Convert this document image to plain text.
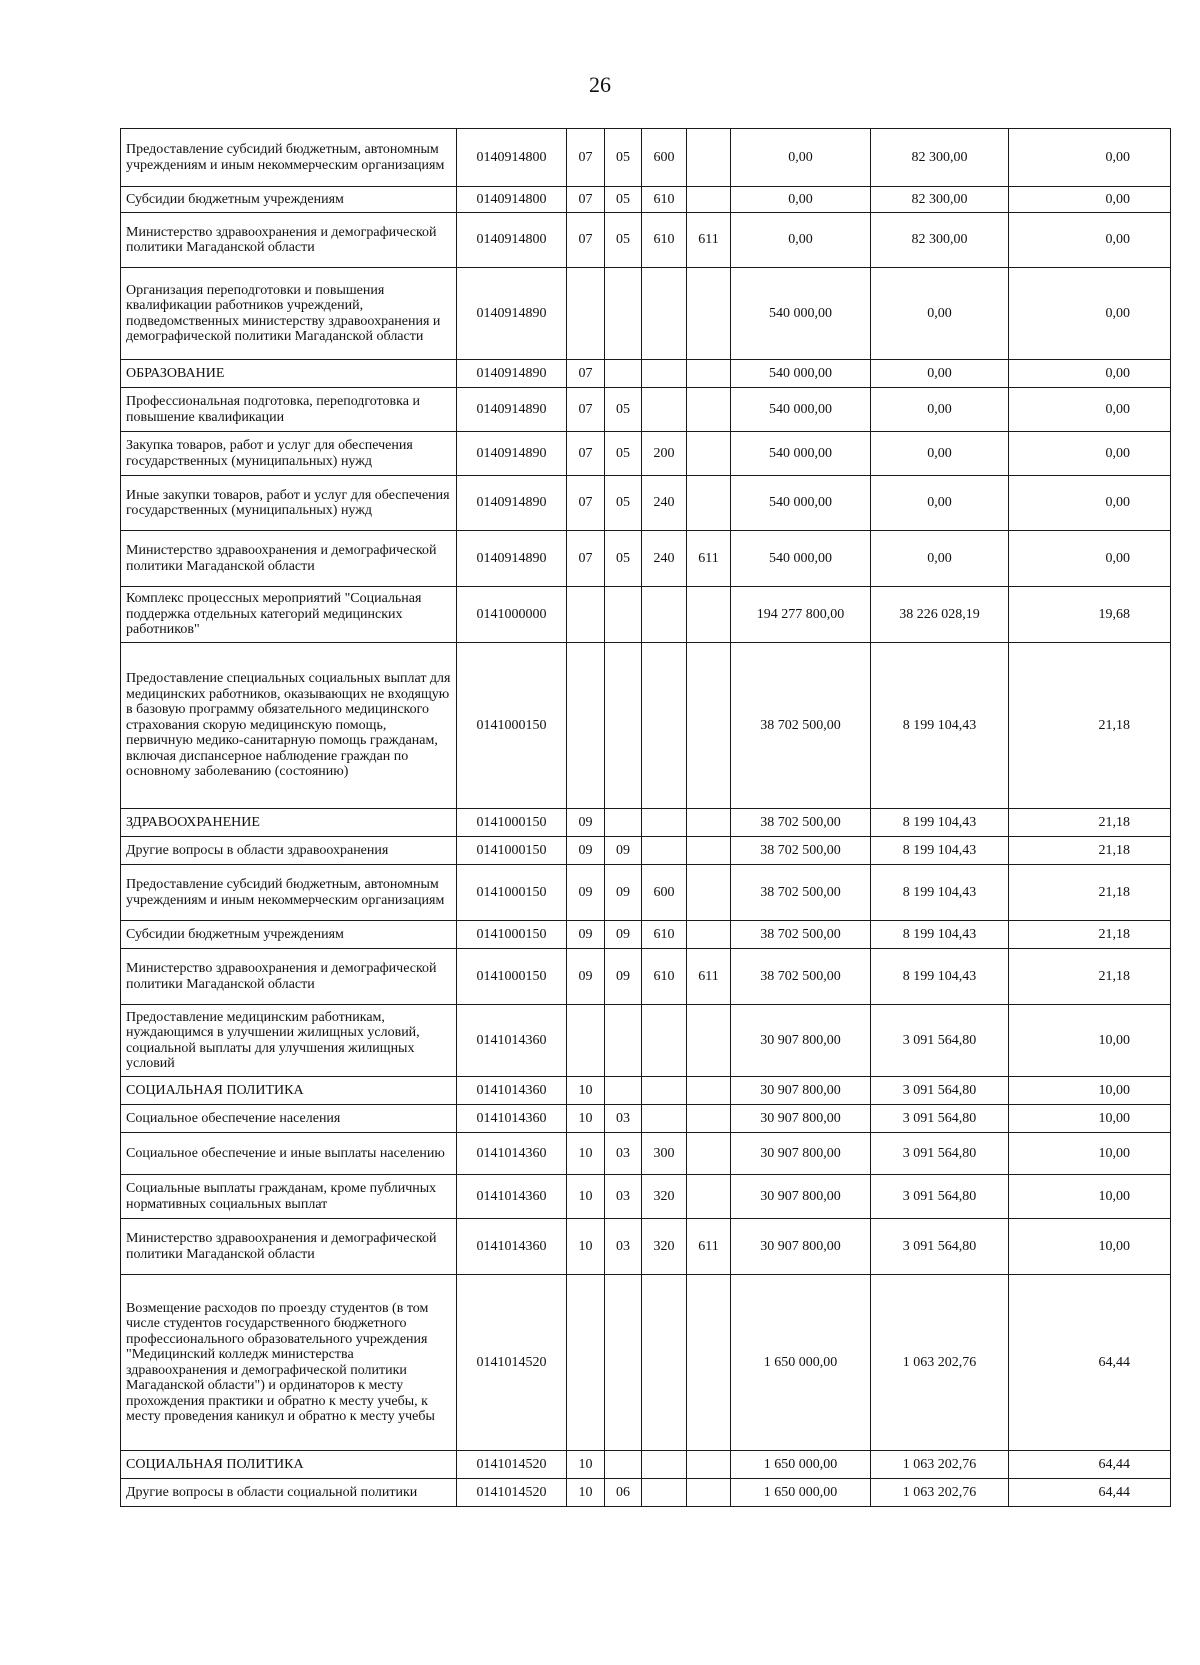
26
Предоставление субсидий бюджетным, автономным учреждениям и иным некоммерческим организациям	0140914800	07	05	600		0,00	82 300,00	0,00
Субсидии бюджетным учреждениям	0140914800	07	05	610		0,00	82 300,00	0,00
Министерство здравоохранения и демографической политики Магаданской области	0140914800	07	05	610	611	0,00	82 300,00	0,00
Организация переподготовки и повышения квалификации работников учреждений, подведомственных министерству здравоохранения и демографической политики Магаданской области	0140914890					540 000,00	0,00	0,00
ОБРАЗОВАНИЕ	0140914890	07				540 000,00	0,00	0,00
Профессиональная подготовка, переподготовка и повышение квалификации	0140914890	07	05			540 000,00	0,00	0,00
Закупка товаров, работ и услуг для обеспечения государственных (муниципальных) нужд	0140914890	07	05	200		540 000,00	0,00	0,00
Иные закупки товаров, работ и услуг для обеспечения государственных (муниципальных) нужд	0140914890	07	05	240		540 000,00	0,00	0,00
Министерство здравоохранения и демографической политики Магаданской области	0140914890	07	05	240	611	540 000,00	0,00	0,00
Комплекс процессных мероприятий "Социальная поддержка отдельных категорий медицинских работников"	0141000000					194 277 800,00	38 226 028,19	19,68
Предоставление специальных социальных выплат для медицинских работников, оказывающих не входящую в базовую программу обязательного медицинского страхования скорую медицинскую помощь, первичную медико-санитарную помощь гражданам, включая диспансерное наблюдение граждан по основному заболеванию (состоянию)	0141000150					38 702 500,00	8 199 104,43	21,18
ЗДРАВООХРАНЕНИЕ	0141000150	09				38 702 500,00	8 199 104,43	21,18
Другие вопросы в области здравоохранения	0141000150	09	09			38 702 500,00	8 199 104,43	21,18
Предоставление субсидий бюджетным, автономным учреждениям и иным некоммерческим организациям	0141000150	09	09	600		38 702 500,00	8 199 104,43	21,18
Субсидии бюджетным учреждениям	0141000150	09	09	610		38 702 500,00	8 199 104,43	21,18
Министерство здравоохранения и демографической политики Магаданской области	0141000150	09	09	610	611	38 702 500,00	8 199 104,43	21,18
Предоставление медицинским работникам, нуждающимся в улучшении жилищных условий, социальной выплаты для улучшения жилищных условий	0141014360					30 907 800,00	3 091 564,80	10,00
СОЦИАЛЬНАЯ ПОЛИТИКА	0141014360	10				30 907 800,00	3 091 564,80	10,00
Социальное обеспечение населения	0141014360	10	03			30 907 800,00	3 091 564,80	10,00
Социальное обеспечение и иные выплаты населению	0141014360	10	03	300		30 907 800,00	3 091 564,80	10,00
Социальные выплаты гражданам, кроме публичных нормативных социальных выплат	0141014360	10	03	320		30 907 800,00	3 091 564,80	10,00
Министерство здравоохранения и демографической политики Магаданской области	0141014360	10	03	320	611	30 907 800,00	3 091 564,80	10,00
Возмещение расходов по проезду студентов (в том числе студентов государственного бюджетного профессионального образовательного учреждения "Медицинский колледж министерства здравоохранения и демографической политики Магаданской области") и ординаторов к месту прохождения практики и обратно к месту учебы, к месту проведения каникул и обратно к месту учебы	0141014520					1 650 000,00	1 063 202,76	64,44
СОЦИАЛЬНАЯ ПОЛИТИКА	0141014520	10				1 650 000,00	1 063 202,76	64,44
Другие вопросы в области социальной политики	0141014520	10	06			1 650 000,00	1 063 202,76	64,44
